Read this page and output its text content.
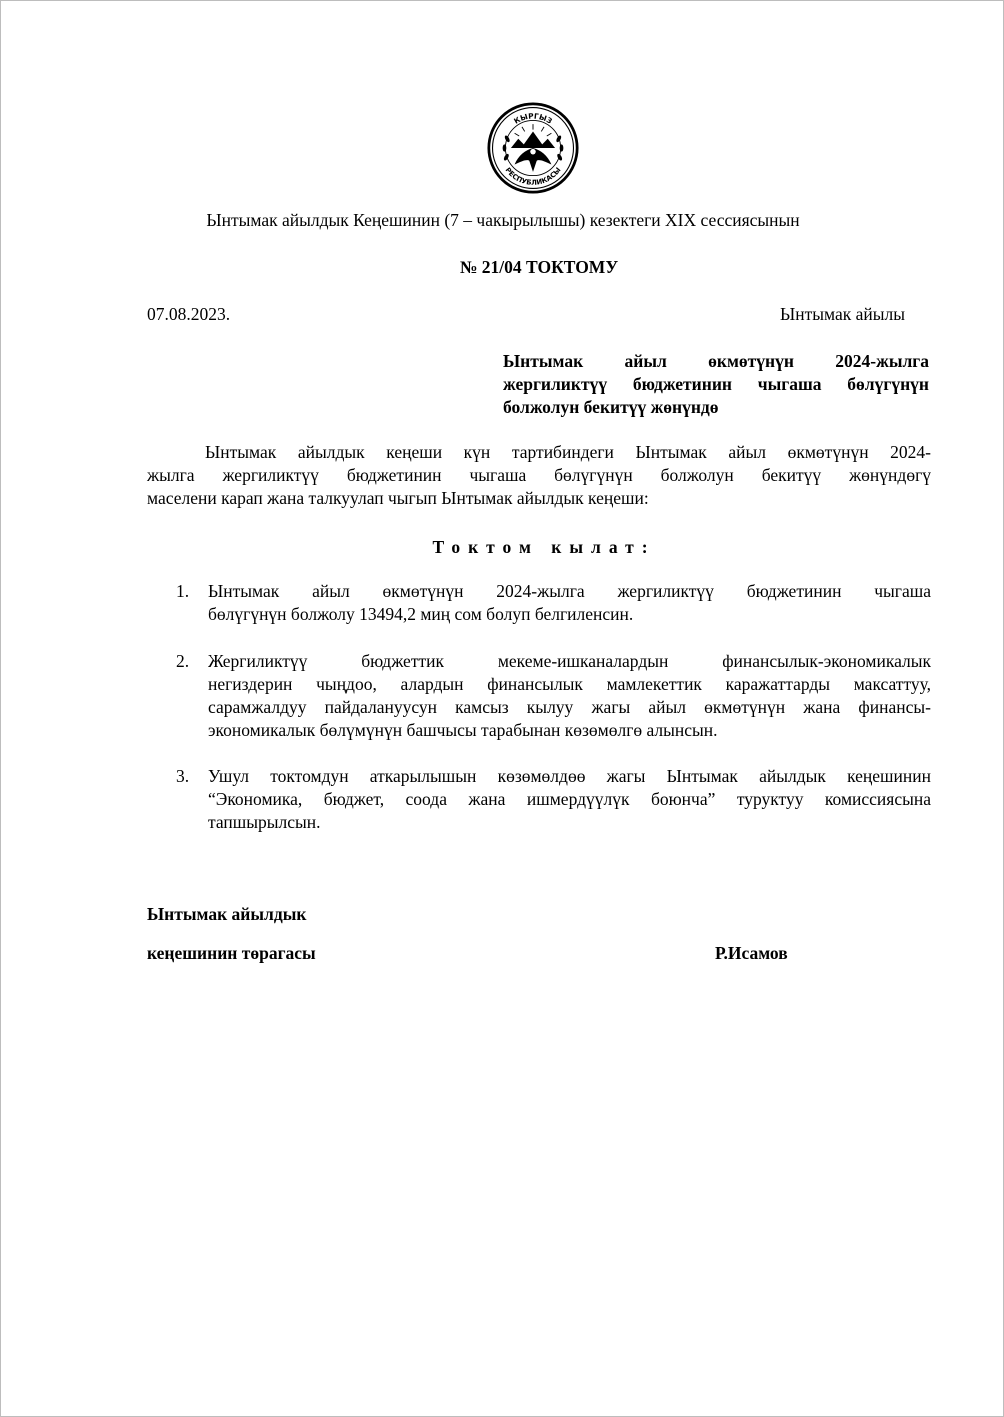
КЫРГЫЗ
РЕСПУБЛИКАСЫ
Ынтымак айылдык Кеңешинин (7 – чакырылышы) кезектеги XIX сессиясынын
№ 21/04 ТОКТОМУ
07.08.2023.	Ынтымак айылы
Ынтымак айыл өкмөтүнүн 2024-жылга
жергиликтүү бюджетинин чыгаша бөлүгүнүн
болжолун бекитүү жөнүндө
Ынтымак айылдык кеңеши күн тартибиндеги Ынтымак айыл өкмөтүнүн 2024-
жылга жергиликтүү бюджетинин чыгаша бөлүгүнүн болжолун бекитүү жөнүндөгү
маселени карап жана талкуулап чыгып Ынтымак айылдык кеңеши:
Токтом кылат:
1. Ынтымак айыл өкмөтүнүн 2024-жылга жергиликтүү бюджетинин чыгаша
бөлүгүнүн болжолу 13494,2 миң сом болуп белгиленсин.
2. Жергиликтүү бюджеттик мекеме-ишканалардын финансылык-экономикалык
негиздерин чыңдоо, алардын финансылык мамлекеттик каражаттарды максаттуу,
сарамжалдуу пайдалануусун камсыз кылуу жагы айыл өкмөтүнүн жана финансы-
экономикалык бөлүмүнүн башчысы тарабынан көзөмөлгө алынсын.
3. Ушул токтомдун аткарылышын көзөмөлдөө жагы Ынтымак айылдык кеңешинин
“Экономика, бюджет, соода жана ишмердүүлүк боюнча” туруктуу комиссиясына
тапшырылсын.
Ынтымак айылдык
кеңешинин төрагасы	Р.Исамов
